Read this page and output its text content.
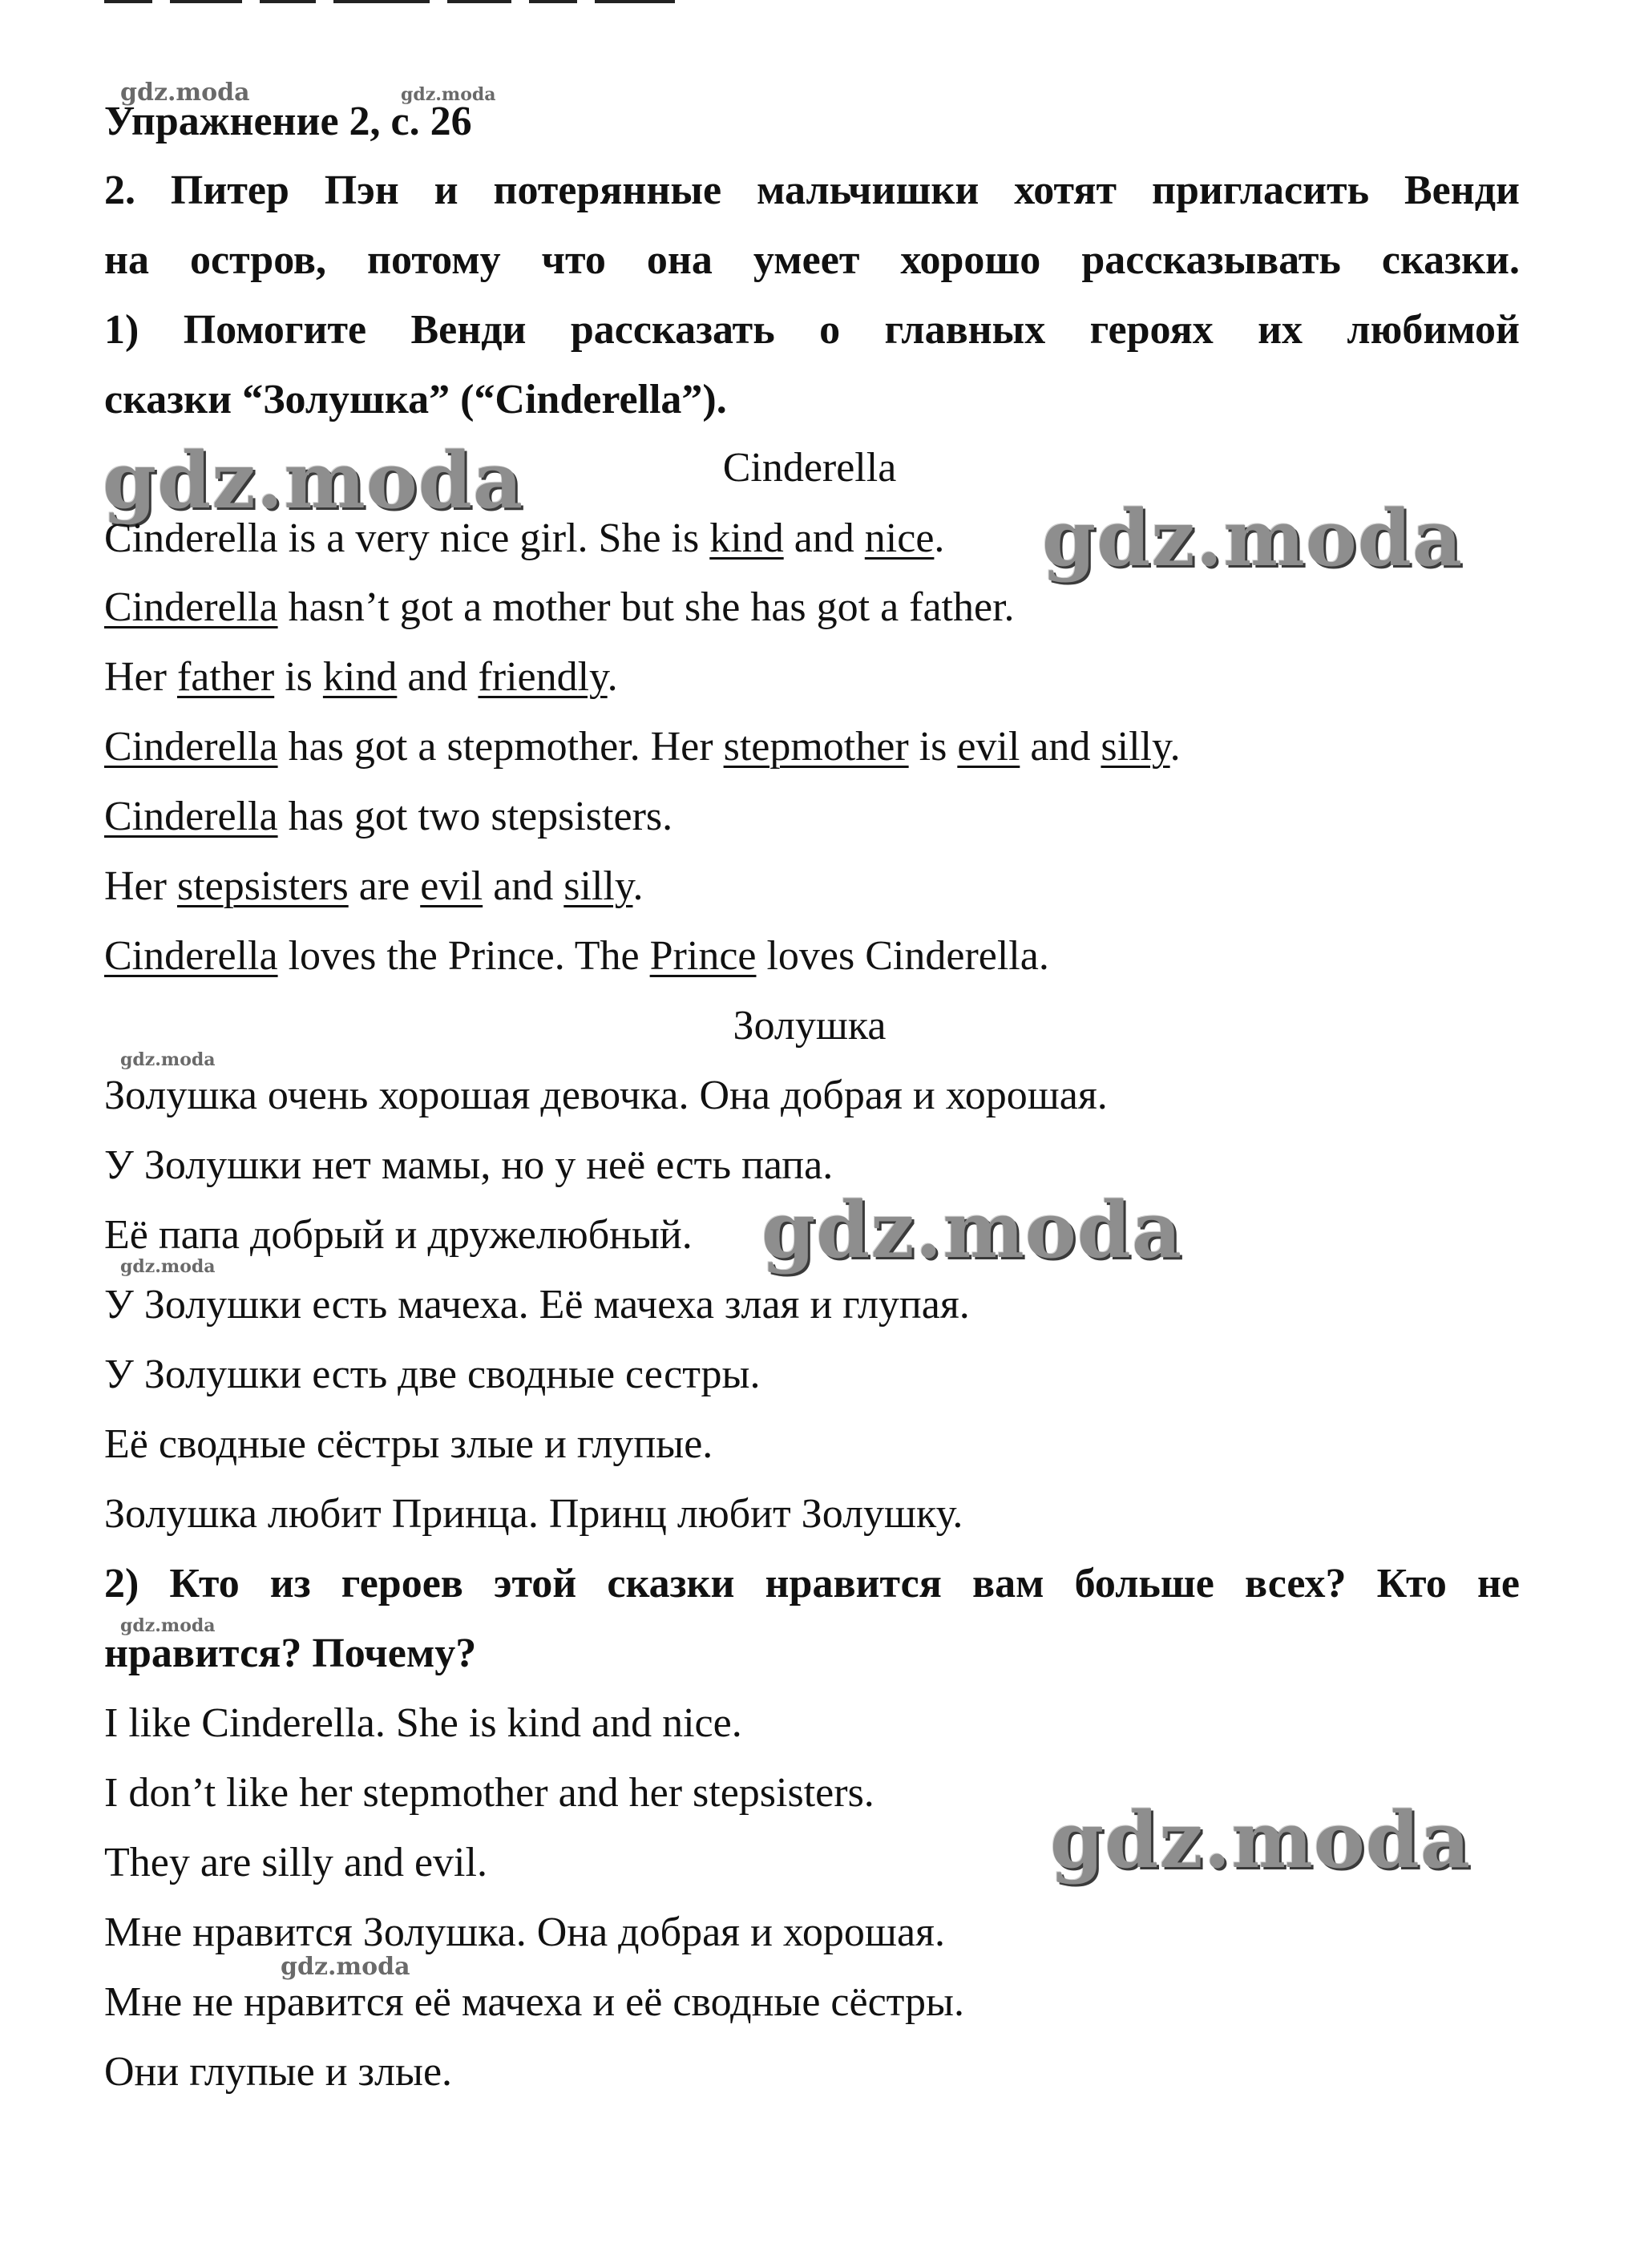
gdz.moda	gdz.moda
Упражнение 2, с. 26
2. Питер Пэн и потерянные мальчишки хотят пригласить Венди
на остров, потому что она умеет хорошо рассказывать сказки.
1) Помогите Венди рассказать о главных героях их любимой
сказки “Золушка” (“Cinderella”).
gdz.moda
gdz.moda
Cinderella
Cinderella is a very nice girl. She is kind and nice.
Cinderella hasn’t got a mother but she has got a father.
Her father is kind and friendly.
Cinderella has got a stepmother. Her stepmother is evil and silly.
Cinderella has got two stepsisters.
Her stepsisters are evil and silly.
Cinderella loves the Prince. The Prince loves Cinderella.
Золушка
gdz.moda
Золушка очень хорошая девочка. Она добрая и хорошая.
У Золушки нет мамы, но у неё есть папа.
Её папа добрый и дружелюбный. gdz.moda
gdz.moda
У Золушки есть мачеха. Её мачеха злая и глупая.
У Золушки есть две сводные сестры.
Её сводные сёстры злые и глупые.
Золушка любит Принца. Принц любит Золушку.
2) Кто из героев этой сказки нравится вам больше всех? Кто не
gdz.moda
нравится? Почему?
I like Cinderella. She is kind and nice.
I don’t like her stepmother and her stepsisters.
gdz.moda
They are silly and evil.
Мне нравится Золушка. Она добрая и хорошая.
gdz.moda
Мне не нравится её мачеха и её сводные сёстры.
Они глупые и злые.
